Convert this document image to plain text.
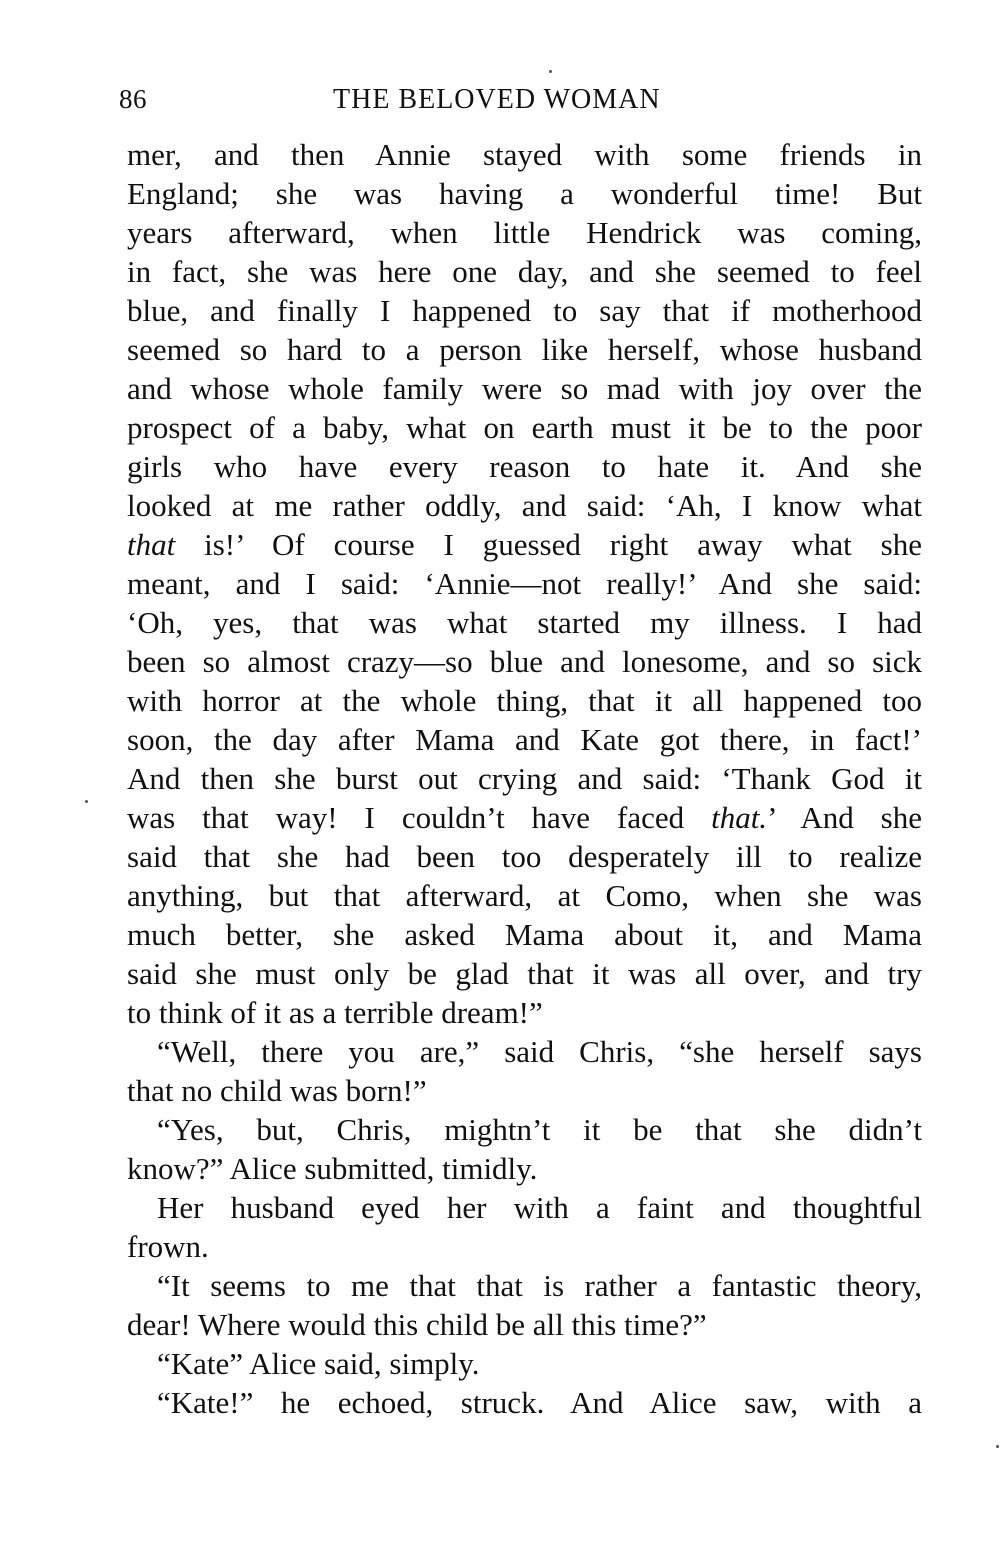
86	THE BELOVED WOMAN
mer, and then Annie stayed with some friends in
England; she was having a wonderful time! But
years afterward, when little Hendrick was coming,
in fact, she was here one day, and she seemed to feel
blue, and finally I happened to say that if motherhood
seemed so hard to a person like herself, whose husband
and whose whole family were so mad with joy over the
prospect of a baby, what on earth must it be to the poor
girls who have every reason to hate it. And she
looked at me rather oddly, and said: ‘Ah, I know what
that is!’ Of course I guessed right away what she
meant, and I said: ‘Annie—not really!’ And she said:
‘Oh, yes, that was what started my illness. I had
been so almost crazy—so blue and lonesome, and so sick
with horror at the whole thing, that it all happened too
soon, the day after Mama and Kate got there, in fact!’
And then she burst out crying and said: ‘Thank God it
was that way! I couldn’t have faced that.’ And she
said that she had been too desperately ill to realize
anything, but that afterward, at Como, when she was
much better, she asked Mama about it, and Mama
said she must only be glad that it was all over, and try
to think of it as a terrible dream!”
“Well, there you are,” said Chris, “she herself says
that no child was born!”
“Yes, but, Chris, mightn’t it be that she didn’t
know?” Alice submitted, timidly.
Her husband eyed her with a faint and thoughtful
frown.
“It seems to me that that is rather a fantastic theory,
dear! Where would this child be all this time?”
“Kate” Alice said, simply.
“Kate!” he echoed, struck. And Alice saw, with a
